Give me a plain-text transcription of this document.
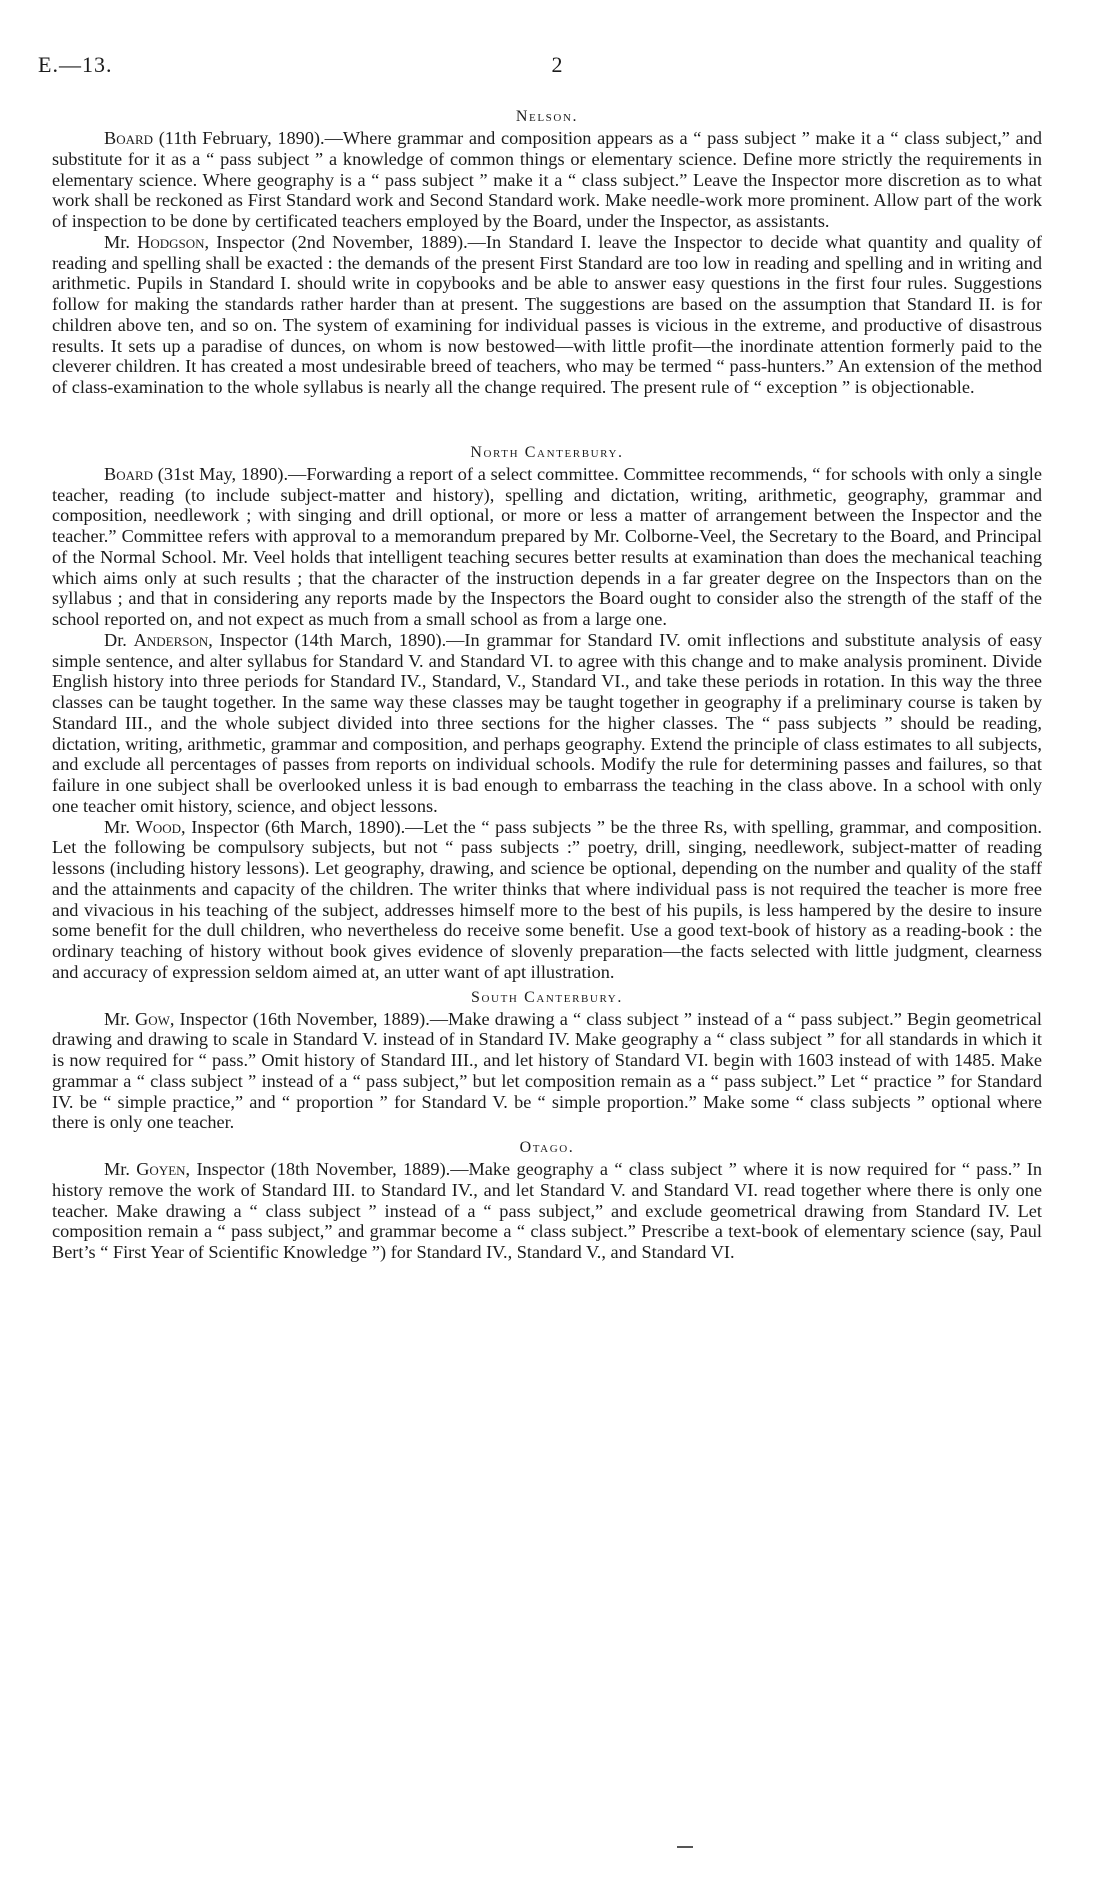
E.—13.	2
Nelson.

Board (11th February, 1890).—Where grammar and composition appears as a “ pass subject ” make it a “ class subject,” and substitute for it as a “ pass subject ” a knowledge of common things or elementary science. Define more strictly the requirements in elementary science. Where geography is a “ pass subject ” make it a “ class subject.” Leave the Inspector more discretion as to what work shall be reckoned as First Standard work and Second Standard work. Make needle-work more prominent. Allow part of the work of inspection to be done by certificated teachers employed by the Board, under the Inspector, as assistants.

Mr. Hodgson, Inspector (2nd November, 1889).—In Standard I. leave the Inspector to decide what quantity and quality of reading and spelling shall be exacted : the demands of the present First Standard are too low in reading and spelling and in writing and arithmetic. Pupils in Standard I. should write in copybooks and be able to answer easy questions in the first four rules. Suggestions follow for making the standards rather harder than at present. The suggestions are based on the assumption that Standard II. is for children above ten, and so on. The system of examining for individual passes is vicious in the extreme, and productive of disastrous results. It sets up a paradise of dunces, on whom is now bestowed—with little profit—the inordinate attention formerly paid to the cleverer children. It has created a most undesirable breed of teachers, who may be termed “ pass-hunters.” An extension of the method of class-examination to the whole syllabus is nearly all the change required. The present rule of “ exception ” is objectionable.

North Canterbury.

Board (31st May, 1890).—Forwarding a report of a select committee. Committee recommends, “ for schools with only a single teacher, reading (to include subject-matter and history), spelling and dictation, writing, arithmetic, geography, grammar and composition, needlework ; with singing and drill optional, or more or less a matter of arrangement between the Inspector and the teacher.” Committee refers with approval to a memorandum prepared by Mr. Colborne-Veel, the Secretary to the Board, and Principal of the Normal School. Mr. Veel holds that intelligent teaching secures better results at examination than does the mechanical teaching which aims only at such results ; that the character of the instruction depends in a far greater degree on the Inspectors than on the syllabus ; and that in considering any reports made by the Inspectors the Board ought to consider also the strength of the staff of the school reported on, and not expect as much from a small school as from a large one.

Dr. Anderson, Inspector (14th March, 1890).—In grammar for Standard IV. omit inflections and substitute analysis of easy simple sentence, and alter syllabus for Standard V. and Standard VI. to agree with this change and to make analysis prominent. Divide English history into three periods for Standard IV., Standard, V., Standard VI., and take these periods in rotation. In this way the three classes can be taught together. In the same way these classes may be taught together in geography if a preliminary course is taken by Standard III., and the whole subject divided into three sections for the higher classes. The “ pass subjects ” should be reading, dictation, writing, arithmetic, grammar and composition, and perhaps geography. Extend the principle of class estimates to all subjects, and exclude all percentages of passes from reports on individual schools. Modify the rule for determining passes and failures, so that failure in one subject shall be overlooked unless it is bad enough to embarrass the teaching in the class above. In a school with only one teacher omit history, science, and object lessons.

Mr. Wood, Inspector (6th March, 1890).—Let the “ pass subjects ” be the three Rs, with spelling, grammar, and composition. Let the following be compulsory subjects, but not “ pass subjects :” poetry, drill, singing, needlework, subject-matter of reading lessons (including history lessons). Let geography, drawing, and science be optional, depending on the number and quality of the staff and the attainments and capacity of the children. The writer thinks that where individual pass is not required the teacher is more free and vivacious in his teaching of the subject, addresses himself more to the best of his pupils, is less hampered by the desire to insure some benefit for the dull children, who nevertheless do receive some benefit. Use a good text-book of history as a reading-book : the ordinary teaching of history without book gives evidence of slovenly preparation—the facts selected with little judgment, clearness and accuracy of expression seldom aimed at, an utter want of apt illustration.

South Canterbury.

Mr. Gow, Inspector (16th November, 1889).—Make drawing a “ class subject ” instead of a “ pass subject.” Begin geometrical drawing and drawing to scale in Standard V. instead of in Standard IV. Make geography a “ class subject ” for all standards in which it is now required for “ pass.” Omit history of Standard III., and let history of Standard VI. begin with 1603 instead of with 1485. Make grammar a “ class subject ” instead of a “ pass subject,” but let composition remain as a “ pass subject.” Let “ practice ” for Standard IV. be “ simple practice,” and “ proportion ” for Standard V. be “ simple proportion.” Make some “ class subjects ” optional where there is only one teacher.

Otago.

Mr. Goyen, Inspector (18th November, 1889).—Make geography a “ class subject ” where it is now required for “ pass.” In history remove the work of Standard III. to Standard IV., and let Standard V. and Standard VI. read together where there is only one teacher. Make drawing a “ class subject ” instead of a “ pass subject,” and exclude geometrical drawing from Standard IV. Let composition remain a “ pass subject,” and grammar become a “ class subject.” Prescribe a text-book of elementary science (say, Paul Bert’s “ First Year of Scientific Knowledge ”) for Standard IV., Standard V., and Standard VI.
